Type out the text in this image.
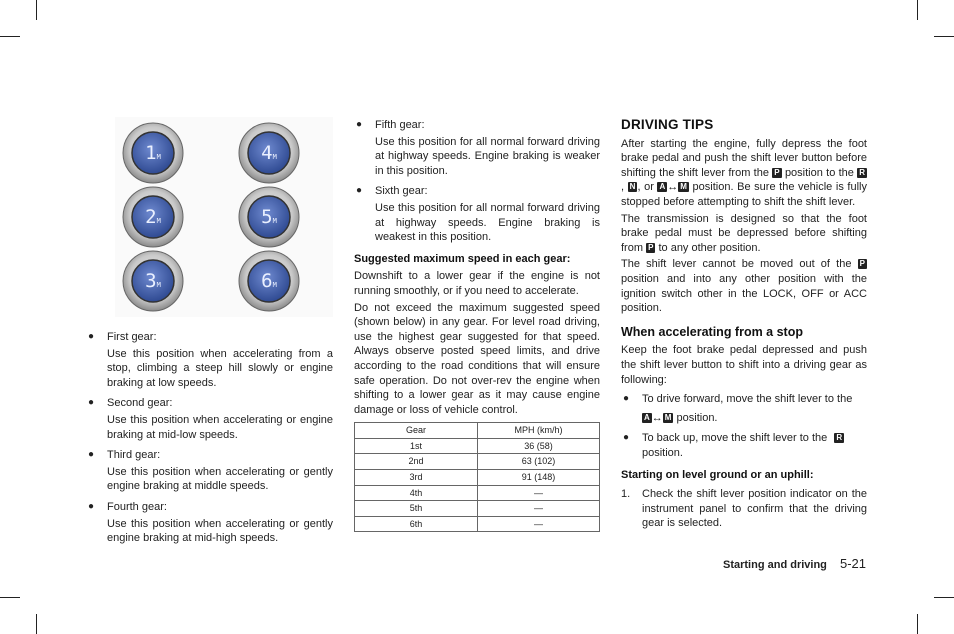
1M
2M
3M
4M
5M
6M

● First gear:

Use this position when accelerating from a stop, climbing a steep hill slowly or engine braking at low speeds.

● Second gear:

Use this position when accelerating or engine braking at mid-low speeds.

● Third gear:

Use this position when accelerating or gently engine braking at middle speeds.

● Fourth gear:

Use this position when accelerating or gently engine braking at mid-high speeds.

● Fifth gear:

Use this position for all normal forward driving at highway speeds. Engine braking is weaker in this position.

● Sixth gear:

Use this position for all normal forward driving at highway speeds. Engine braking is weakest in this position.

Suggested maximum speed in each gear:

Downshift to a lower gear if the engine is not running smoothly, or if you need to accelerate.

Do not exceed the maximum suggested speed (shown below) in any gear. For level road driving, use the highest gear suggested for that speed. Always observe posted speed limits, and drive according to the road conditions that will ensure safe operation. Do not over-rev the engine when shifting to a lower gear as it may cause engine damage or loss of vehicle control.

Gear	MPH (km/h)
1st	36 (58)
2nd	63 (102)
3rd	91 (148)
4th	—
5th	—
6th	—
DRIVING TIPS

After starting the engine, fully depress the foot brake pedal and push the shift lever button before shifting the shift lever from the P position to the R, N , or A ↔ M position. Be sure the vehicle is fully stopped before attempting to shift the shift lever.

The transmission is designed so that the foot brake pedal must be depressed before shifting from P to any other position.

The shift lever cannot be moved out of the P position and into any other position with the ignition switch other in the LOCK, OFF or ACC position.

When accelerating from a stop

Keep the foot brake pedal depressed and push the shift lever button to shift into a driving gear as following:

● To drive forward, move the shift lever to the

A ↔ M position.

● To back up, move the shift lever to the R

position.

Starting on level ground or an uphill:
1. Check the shift lever position indicator on the instrument panel to confirm that the driving gear is selected.

Starting and driving 5-21
